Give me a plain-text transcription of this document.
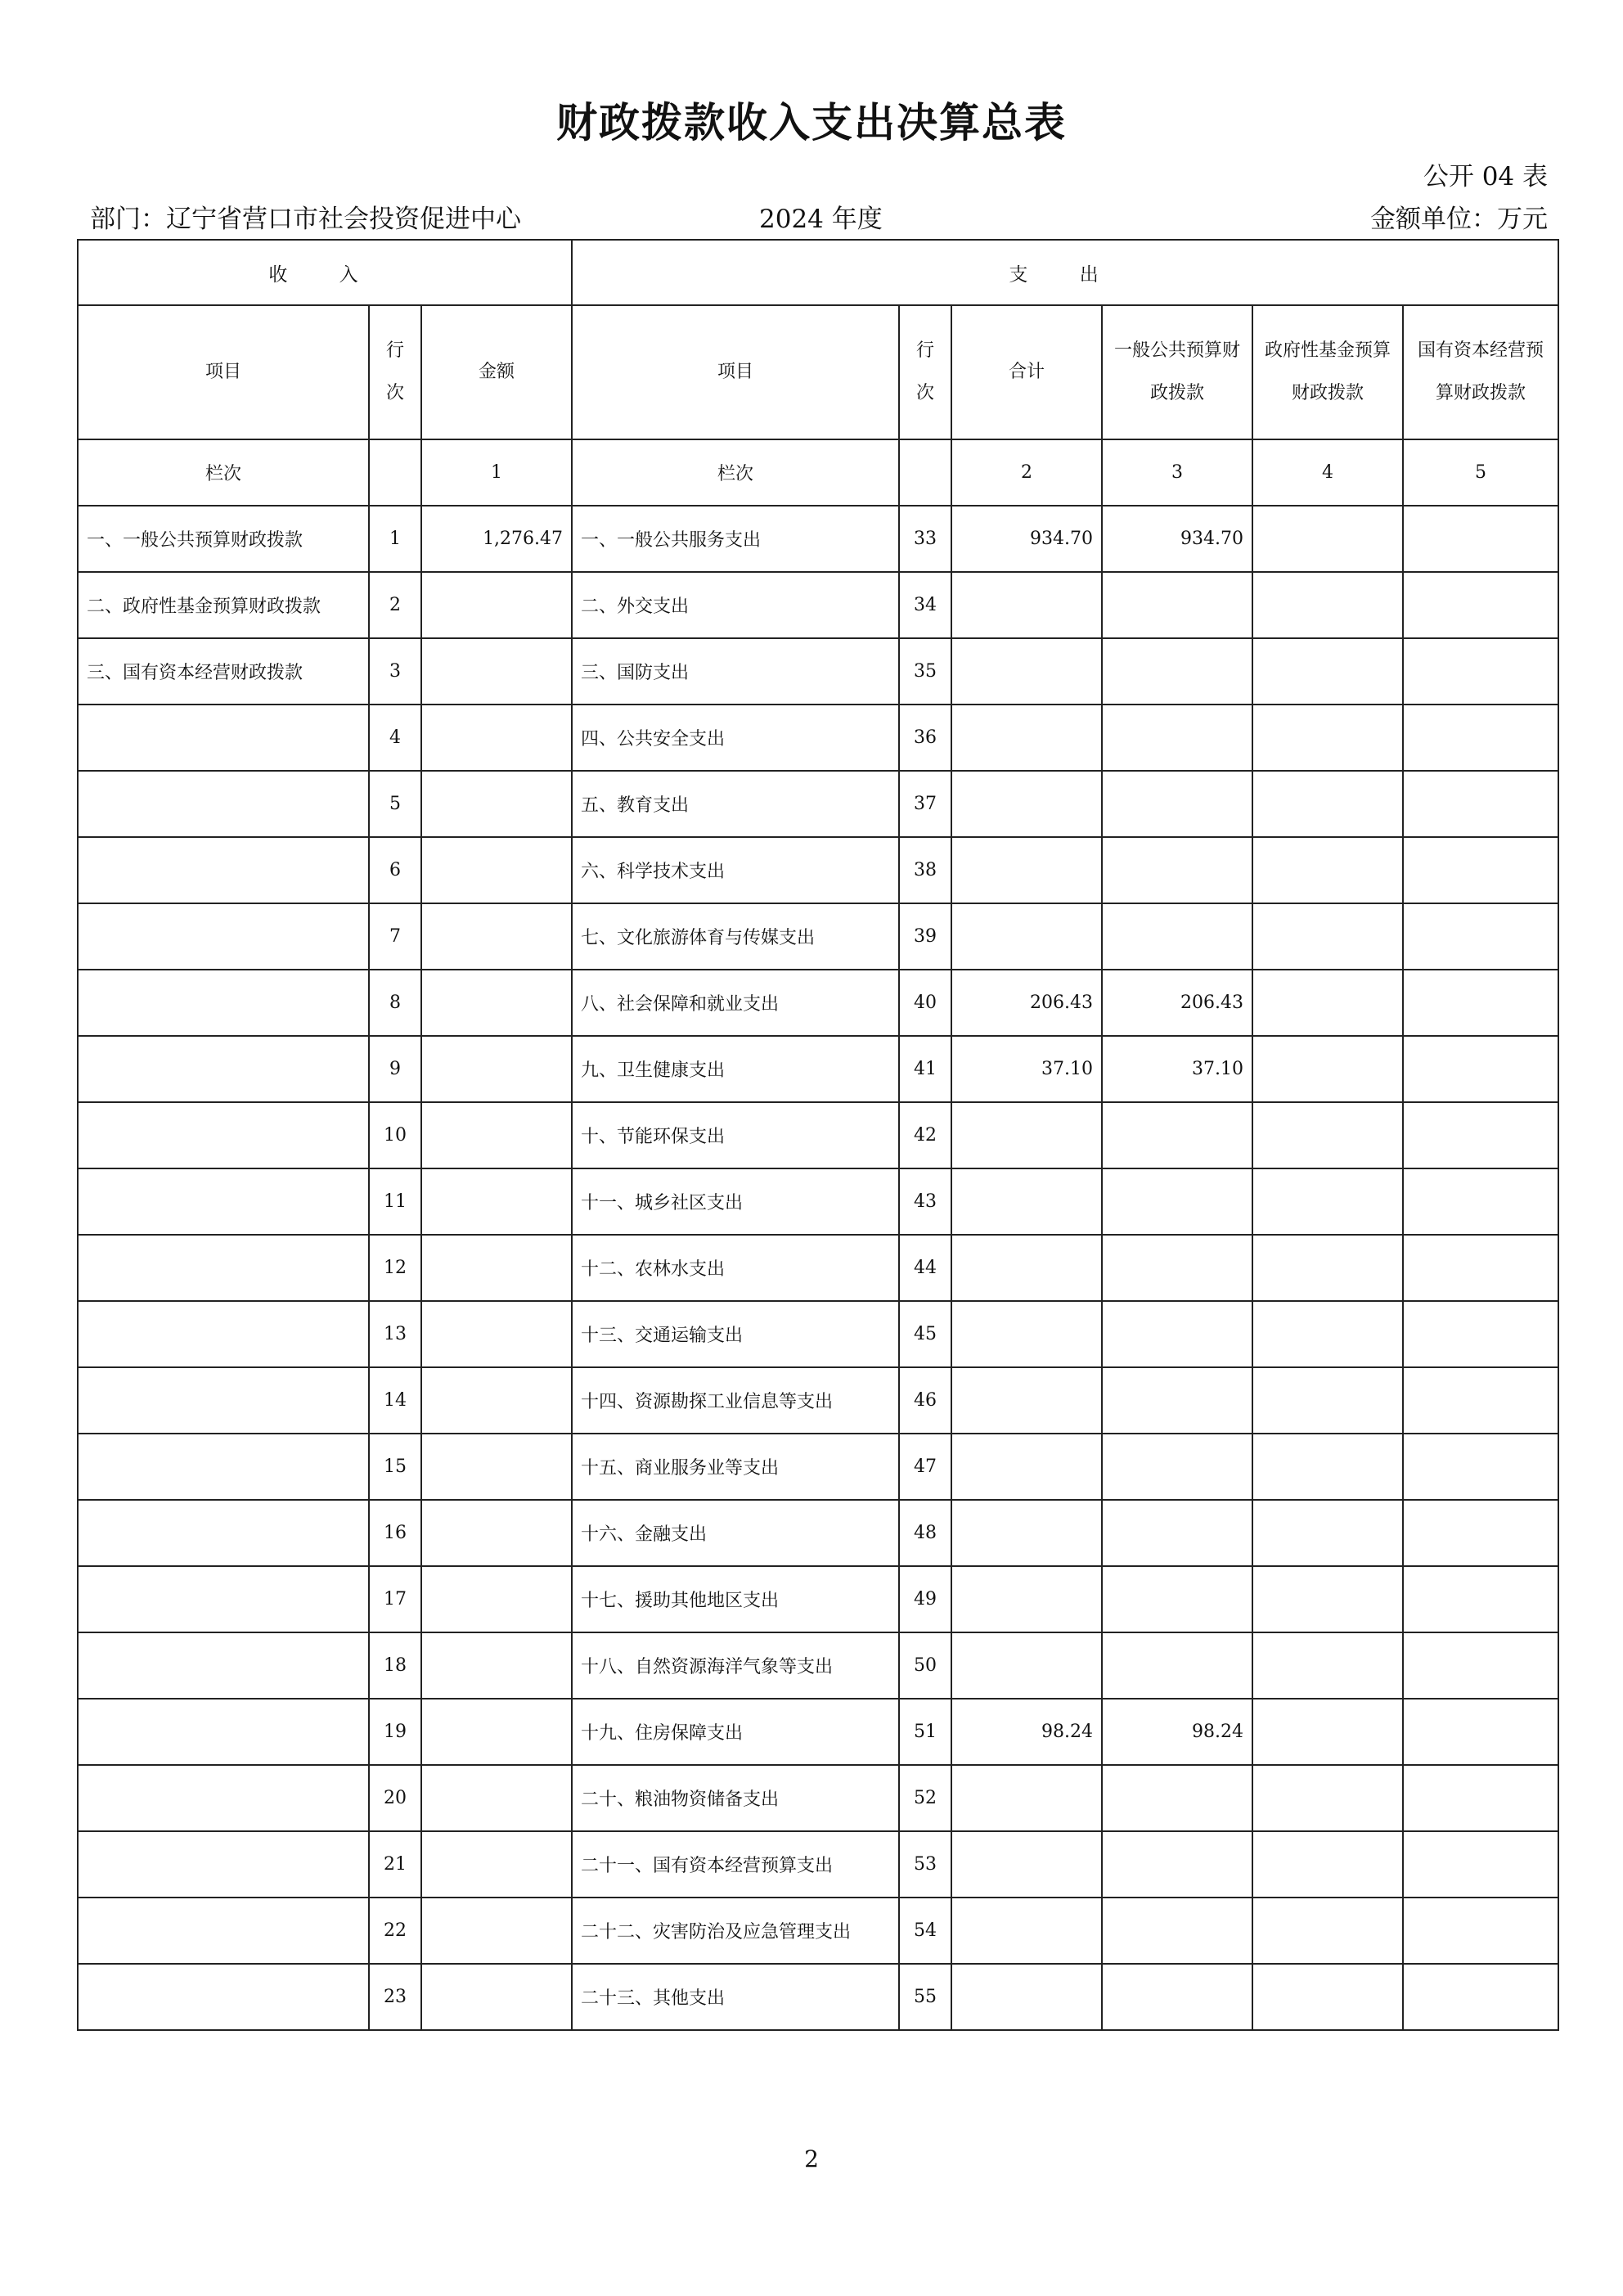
财政拨款收入支出决算总表
公开 04 表
部门：辽宁省营口市社会投资促进中心	2024 年度	金额单位：万元
收 入			支 出					
项目	行次	金额	项目	行次	合计	一般公共预算财政拨款	政府性基金预算财政拨款	国有资本经营预算财政拨款
栏次		1	栏次		2	3	4	5
一、一般公共预算财政拨款	1	1,276.47	一、一般公共服务支出	33	934.70	934.70		
二、政府性基金预算财政拨款	2		二、外交支出	34				
三、国有资本经营财政拨款	3		三、国防支出	35				
	4		四、公共安全支出	36				
	5		五、教育支出	37				
	6		六、科学技术支出	38				
	7		七、文化旅游体育与传媒支出	39				
	8		八、社会保障和就业支出	40	206.43	206.43		
	9		九、卫生健康支出	41	37.10	37.10		
	10		十、节能环保支出	42				
	11		十一、城乡社区支出	43				
	12		十二、农林水支出	44				
	13		十三、交通运输支出	45				
	14		十四、资源勘探工业信息等支出	46				
	15		十五、商业服务业等支出	47				
	16		十六、金融支出	48				
	17		十七、援助其他地区支出	49				
	18		十八、自然资源海洋气象等支出	50				
	19		十九、住房保障支出	51	98.24	98.24		
	20		二十、粮油物资储备支出	52				
	21		二十一、国有资本经营预算支出	53				
	22		二十二、灾害防治及应急管理支出	54				
	23		二十三、其他支出	55				
2
